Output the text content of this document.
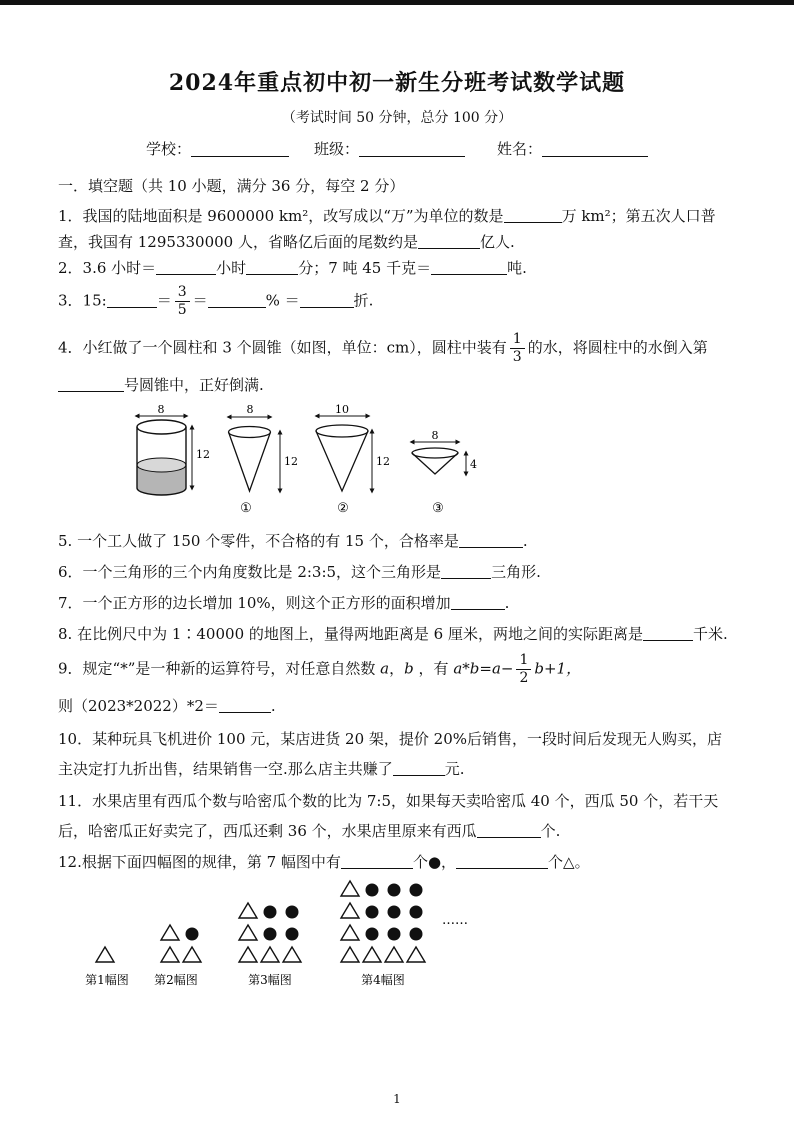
2024年重点初中初一新生分班考试数学试题
（考试时间 50 分钟，总分 100 分）
学校：	班级：	姓名：
一．填空题（共 10 小题，满分 36 分，每空 2 分）
1．我国的陆地面积是 9600000 km²，改写成以“万”为单位的数是	万 km²；第五次人口普
查，我国有 1295330000 人，省略亿后面的尾数约是	亿人.
2．3.6 小时＝	小时	分；7 吨 45 千克＝	吨.
3．15:	＝ $\frac{3}{5}$ ＝	% ＝	折.
4．小红做了一个圆柱和 3 个圆锥（如图，单位：cm），圆柱中装有 $\frac{1}{3}$ 的水，将圆柱中的水倒入第
号圆锥中，正好倒满.
8
12
8
12
①
10
12
②
8
4
③
5. 一个工人做了 150 个零件，不合格的有 15 个，合格率是	.
6．一个三角形的三个内角度数比是 2:3:5，这个三角形是	三角形.
7．一个正方形的边长增加 10%，则这个正方形的面积增加	.
8. 在比例尺中为 1∶40000 的地图上，量得两地距离是 6 厘米，两地之间的实际距离是	千米.
9．规定“*”是一种新的运算符号，对任意自然数 a，b ，有 $a*b=a- \frac{1}{2} b+1$，
则（2023*2022）*2＝	.
10．某种玩具飞机进价 100 元，某店进货 20 架，提价 20%后销售，一段时间后发现无人购买，店
主决定打九折出售，结果销售一空.那么店主共赚了	元.
11．水果店里有西瓜个数与哈密瓜个数的比为 7:5，如果每天卖哈密瓜 40 个，西瓜 50 个，若干天
后，哈密瓜正好卖完了，西瓜还剩 36 个，水果店里原来有西瓜	个.
12.根据下面四幅图的规律，第 7 幅图中有	个●，	个△。
……
第1幅图 第2幅图	第3幅图	第4幅图
1
